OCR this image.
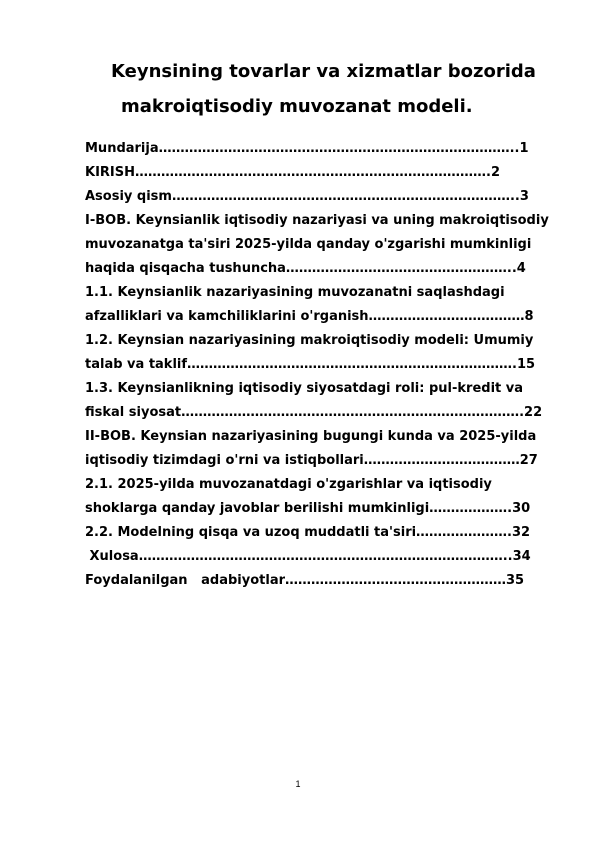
Keynsining tovarlar va xizmatlar bozorida
makroiqtisodiy muvozanat modeli.
Mundarija………………………………………………………………………..1
KIRISH……………………………………………………………………….2
Asosiy qism……………………………………………………………………..3
I-BOB. Keynsianlik iqtisodiy nazariyasi va uning makroiqtisodiy
muvozanatga ta'siri 2025-yilda qanday o'zgarishi mumkinligi
haqida qisqacha tushuncha……………………………………………..4
1.1. Keynsianlik nazariyasining muvozanatni saqlashdagi
afzalliklari va kamchiliklarini o'rganish………………………………8
1.2. Keynsian nazariyasining makroiqtisodiy modeli: Umumiy
talab va taklif………………………………………………………………….15
1.3. Keynsianlikning iqtisodiy siyosatdagi roli: pul-kredit va
fiskal siyosat…………………………………………………………………….22
II-BOB. Keynsian nazariyasining bugungi kunda va 2025-yilda
iqtisodiy tizimdagi o'rni va istiqbollari………………………………27
2.1. 2025-yilda muvozanatdagi o'zgarishlar va iqtisodiy
shoklarga qanday javoblar berilishi mumkinligi……………….30
2.2. Modelning qisqa va uzoq muddatli ta'siri………………….32
Xulosa…………………………………………………………………………..34
Foydalanilgan   adabiyotlar……………………………………………35
1
